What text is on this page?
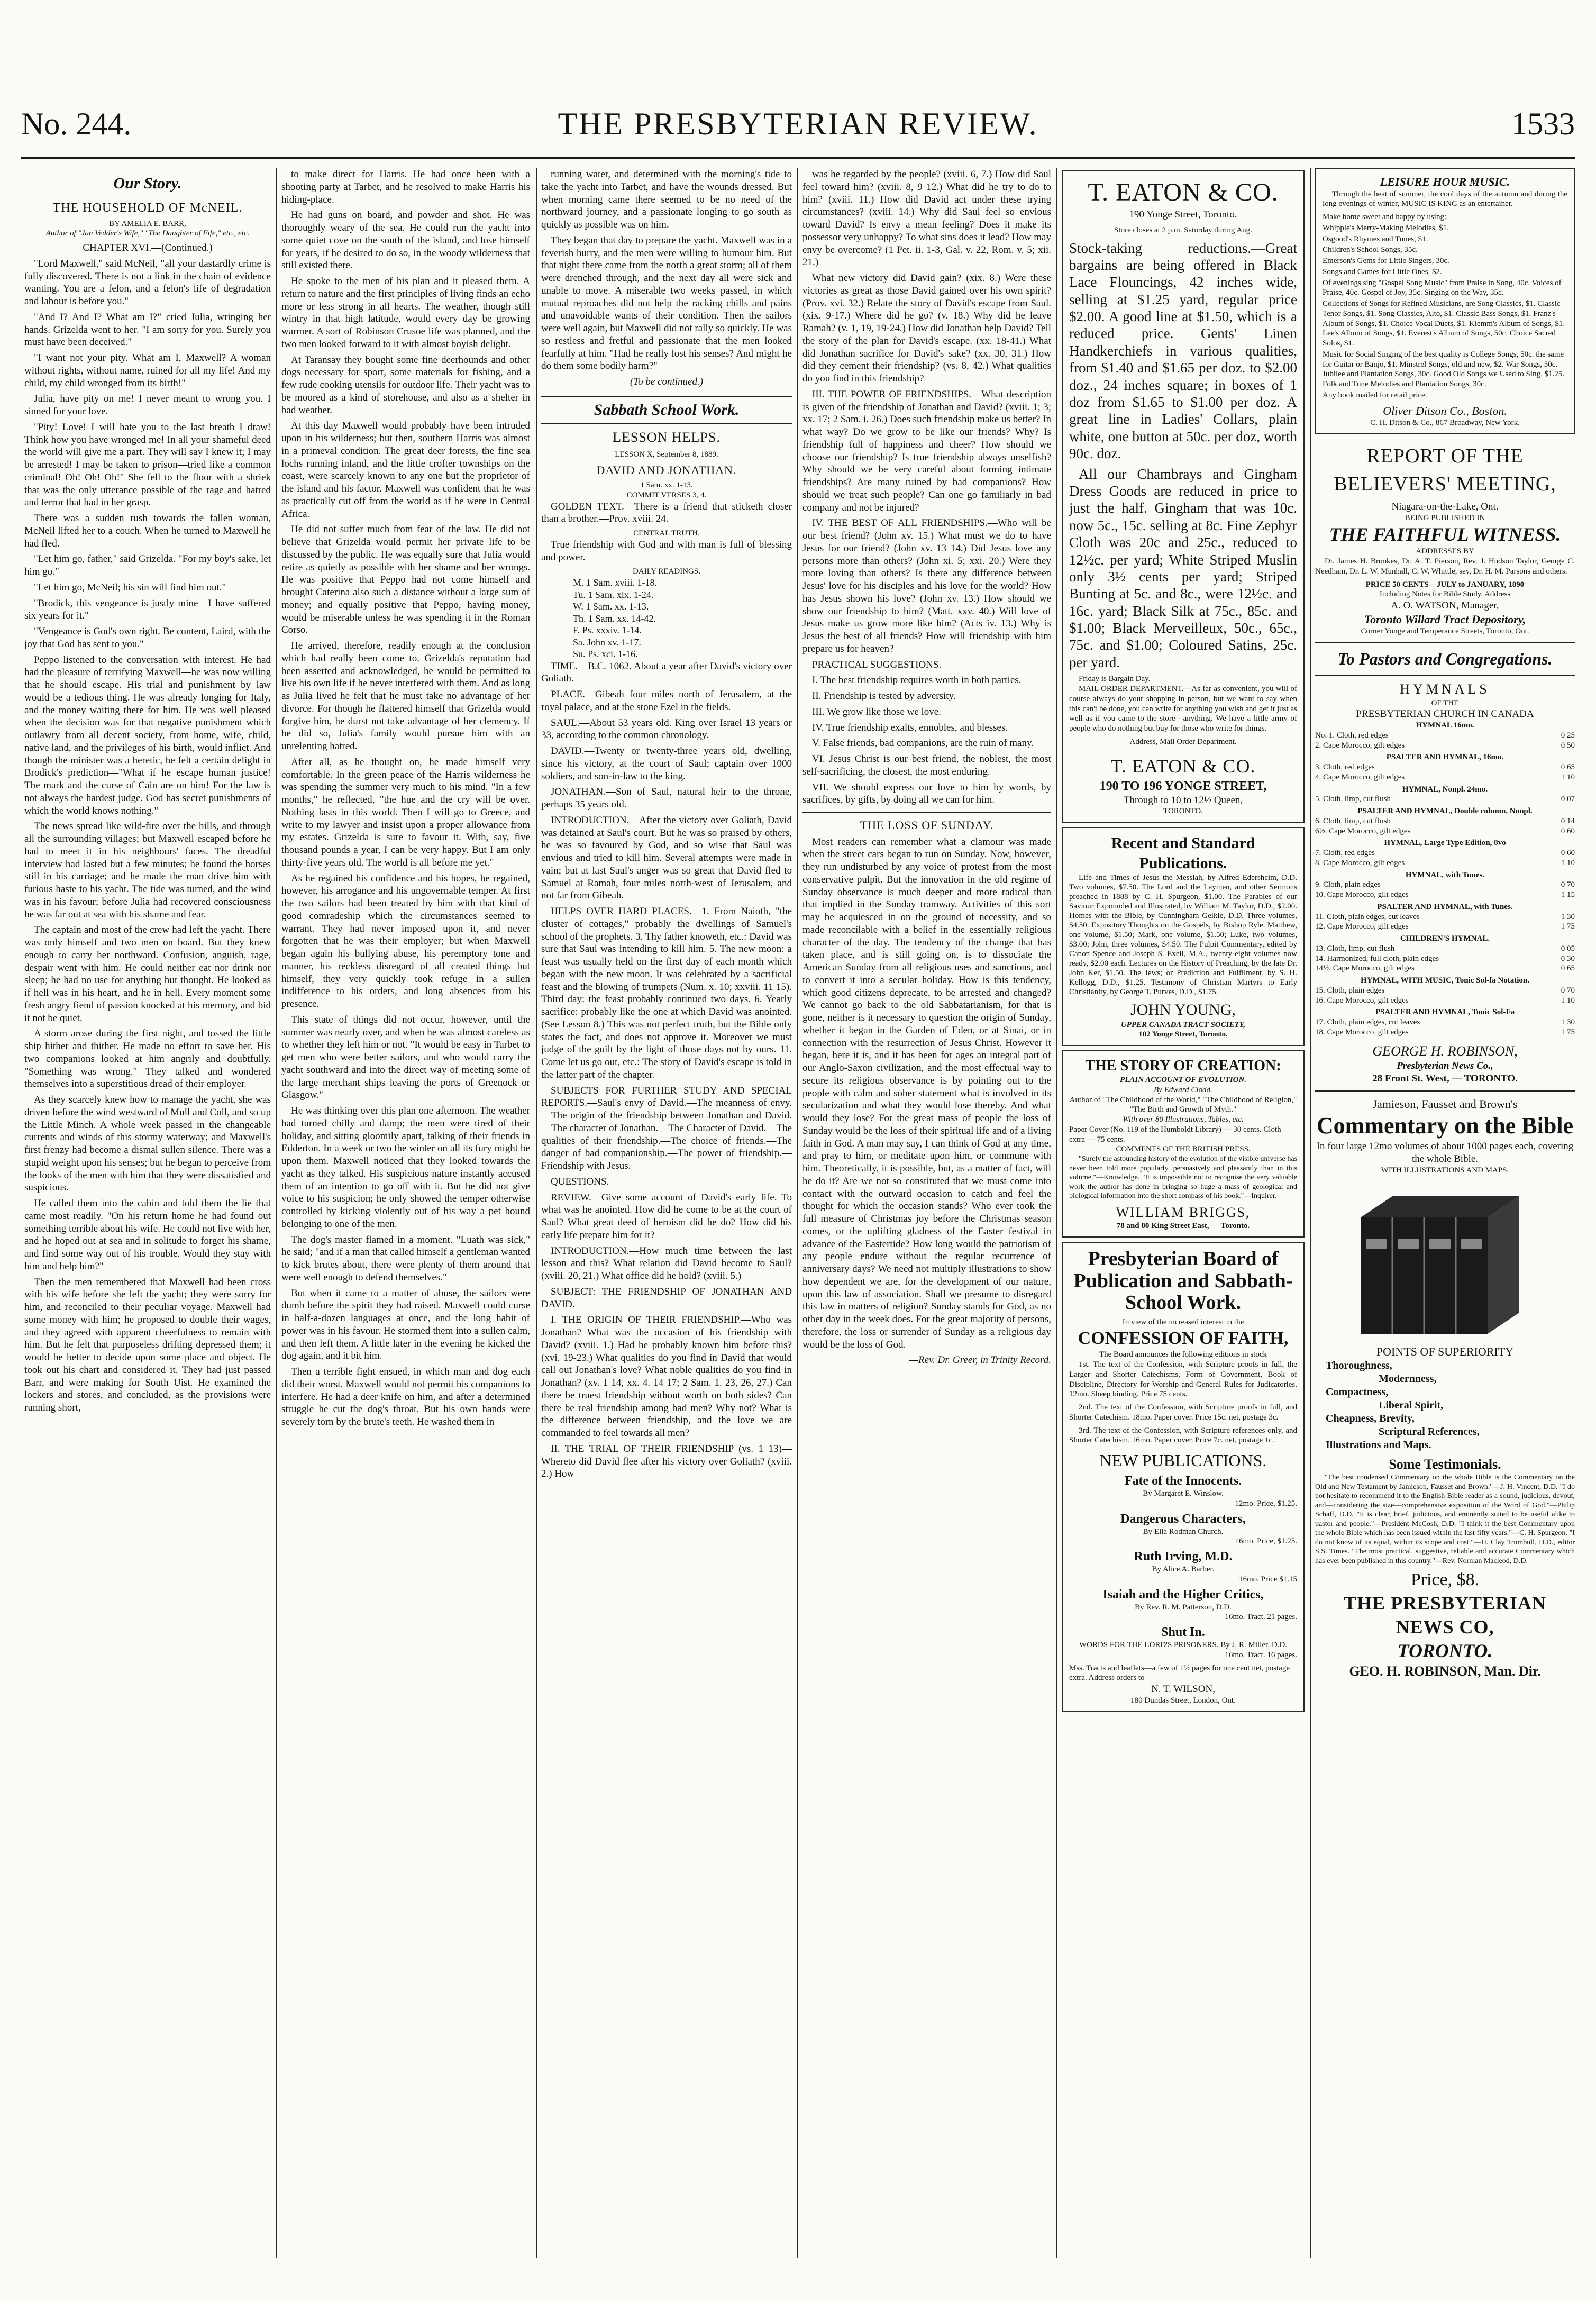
No. 244.	THE PRESBYTERIAN REVIEW.	1533
Our Story.
THE HOUSEHOLD OF McNEIL.
BY AMELIA E. BARR,
Author of "Jan Vedder's Wife," "The Daughter of Fife," etc., etc.
CHAPTER XVI.—(Continued.)

"Lord Maxwell," said McNeil, "all your dastardly crime is fully discovered. There is not a link in the chain of evidence wanting. You are a felon, and a felon's life of degradation and labour is before you."

"And I? And I? What am I?" cried Julia, wringing her hands. Grizelda went to her. "I am sorry for you. Surely you must have been deceived."

"I want not your pity. What am I, Maxwell? A woman without rights, without name, ruined for all my life! And my child, my child wronged from its birth!"

Julia, have pity on me! I never meant to wrong you. I sinned for your love.

"Pity! Love! I will hate you to the last breath I draw! Think how you have wronged me! In all your shameful deed the world will give me a part. They will say I knew it; I may be arrested! I may be taken to prison—tried like a common criminal! Oh! Oh! Oh!" She fell to the floor with a shriek that was the only utterance possible of the rage and hatred and terror that had in her grasp.

There was a sudden rush towards the fallen woman, McNeil lifted her to a couch. When he turned to Maxwell he had fled.

"Let him go, father," said Grizelda. "For my boy's sake, let him go."

"Let him go, McNeil; his sin will find him out."

"Brodick, this vengeance is justly mine—I have suffered six years for it."

"Vengeance is God's own right. Be content, Laird, with the joy that God has sent to you."

Peppo listened to the conversation with interest. He had had the pleasure of terrifying Maxwell—he was now willing that he should escape. His trial and punishment by law would be a tedious thing. He was already longing for Italy, and the money waiting there for him. He was well pleased when the decision was for that negative punishment which outlawry from all decent society, from home, wife, child, native land, and the privileges of his birth, would inflict. And though the minister was a heretic, he felt a certain delight in Brodick's prediction—"What if he escape human justice! The mark and the curse of Cain are on him! For the law is not always the hardest judge. God has secret punishments of which the world knows nothing."

The news spread like wild-fire over the hills, and through all the surrounding villages; but Maxwell escaped before he had to meet it in his neighbours' faces. The dreadful interview had lasted but a few minutes; he found the horses still in his carriage; and he made the man drive him with furious haste to his yacht. The tide was turned, and the wind was in his favour; before Julia had recovered consciousness he was far out at sea with his shame and fear.

The captain and most of the crew had left the yacht. There was only himself and two men on board. But they knew enough to carry her northward. Confusion, anguish, rage, despair went with him. He could neither eat nor drink nor sleep; he had no use for anything but thought. He looked as if hell was in his heart, and he in hell. Every moment some fresh angry fiend of passion knocked at his memory, and bid it not be quiet.

A storm arose during the first night, and tossed the little ship hither and thither. He made no effort to save her. His two companions looked at him angrily and doubtfully. "Something was wrong." They talked and wondered themselves into a superstitious dread of their employer.

As they scarcely knew how to manage the yacht, she was driven before the wind westward of Mull and Coll, and so up the Little Minch. A whole week passed in the changeable currents and winds of this stormy waterway; and Maxwell's first frenzy had become a dismal sullen silence. There was a stupid weight upon his senses; but he began to perceive from the looks of the men with him that they were dissatisfied and suspicious.

He called them into the cabin and told them the lie that came most readily. "On his return home he had found out something terrible about his wife. He could not live with her, and he hoped out at sea and in solitude to forget his shame, and find some way out of his trouble. Would they stay with him and help him?"

Then the men remembered that Maxwell had been cross with his wife before she left the yacht; they were sorry for him, and reconciled to their peculiar voyage. Maxwell had some money with him; he proposed to double their wages, and they agreed with apparent cheerfulness to remain with him. But he felt that purposeless drifting depressed them; it would be better to decide upon some place and object. He took out his chart and considered it. They had just passed Barr, and were making for South Uist. He examined the lockers and stores, and concluded, as the provisions were running short,

to make direct for Harris. He had once been with a shooting party at Tarbet, and he resolved to make Harris his hiding-place.

He had guns on board, and powder and shot. He was thoroughly weary of the sea. He could run the yacht into some quiet cove on the south of the island, and lose himself for years, if he desired to do so, in the woody wilderness that still existed there.

He spoke to the men of his plan and it pleased them. A return to nature and the first principles of living finds an echo more or less strong in all hearts. The weather, though still wintry in that high latitude, would every day be growing warmer. A sort of Robinson Crusoe life was planned, and the two men looked forward to it with almost boyish delight.

At Taransay they bought some fine deerhounds and other dogs necessary for sport, some materials for fishing, and a few rude cooking utensils for outdoor life. Their yacht was to be moored as a kind of storehouse, and also as a shelter in bad weather.

At this day Maxwell would probably have been intruded upon in his wilderness; but then, southern Harris was almost in a primeval condition. The great deer forests, the fine sea lochs running inland, and the little crofter townships on the coast, were scarcely known to any one but the proprietor of the island and his factor. Maxwell was confident that he was as practically cut off from the world as if he were in Central Africa.

He did not suffer much from fear of the law. He did not believe that Grizelda would permit her private life to be discussed by the public. He was equally sure that Julia would retire as quietly as possible with her shame and her wrongs. He was positive that Peppo had not come himself and brought Caterina also such a distance without a large sum of money; and equally positive that Peppo, having money, would be miserable unless he was spending it in the Roman Corso.

He arrived, therefore, readily enough at the conclusion which had really been come to. Grizelda's reputation had been asserted and acknowledged, he would be permitted to live his own life if he never interfered with them. And as long as Julia lived he felt that he must take no advantage of her divorce. For though he flattered himself that Grizelda would forgive him, he durst not take advantage of her clemency. If he did so, Julia's family would pursue him with an unrelenting hatred.

After all, as he thought on, he made himself very comfortable. In the green peace of the Harris wilderness he was spending the summer very much to his mind. "In a few months," he reflected, "the hue and the cry will be over. Nothing lasts in this world. Then I will go to Greece, and write to my lawyer and insist upon a proper allowance from my estates. Grizelda is sure to favour it. With, say, five thousand pounds a year, I can be very happy. But I am only thirty-five years old. The world is all before me yet."

As he regained his confidence and his hopes, he regained, however, his arrogance and his ungovernable temper. At first the two sailors had been treated by him with that kind of good comradeship which the circumstances seemed to warrant. They had never imposed upon it, and never forgotten that he was their employer; but when Maxwell began again his bullying abuse, his peremptory tone and manner, his reckless disregard of all created things but himself, they very quickly took refuge in a sullen indifference to his orders, and long absences from his presence.

This state of things did not occur, however, until the summer was nearly over, and when he was almost careless as to whether they left him or not. "It would be easy in Tarbet to get men who were better sailors, and who would carry the yacht southward and into the direct way of meeting some of the large merchant ships leaving the ports of Greenock or Glasgow."

He was thinking over this plan one afternoon. The weather had turned chilly and damp; the men were tired of their holiday, and sitting gloomily apart, talking of their friends in Edderton. In a week or two the winter on all its fury might be upon them. Maxwell noticed that they looked towards the yacht as they talked. His suspicious nature instantly accused them of an intention to go off with it. But he did not give voice to his suspicion; he only showed the temper otherwise controlled by kicking violently out of his way a pet hound belonging to one of the men.

The dog's master flamed in a moment. "Luath was sick," he said; "and if a man that called himself a gentleman wanted to kick brutes about, there were plenty of them around that were well enough to defend themselves."

But when it came to a matter of abuse, the sailors were dumb before the spirit they had raised. Maxwell could curse in half-a-dozen languages at once, and the long habit of power was in his favour. He stormed them into a sullen calm, and then left them. A little later in the evening he kicked the dog again, and it bit him.

Then a terrible fight ensued, in which man and dog each did their worst. Maxwell would not permit his companions to interfere. He had a deer knife on him, and after a determined struggle he cut the dog's throat. But his own hands were severely torn by the brute's teeth. He washed them in

running water, and determined with the morning's tide to take the yacht into Tarbet, and have the wounds dressed. But when morning came there seemed to be no need of the northward journey, and a passionate longing to go south as quickly as possible was on him.

They began that day to prepare the yacht. Maxwell was in a feverish hurry, and the men were willing to humour him. But that night there came from the north a great storm; all of them were drenched through, and the next day all were sick and unable to move. A miserable two weeks passed, in which mutual reproaches did not help the racking chills and pains and unavoidable wants of their condition. Then the sailors were well again, but Maxwell did not rally so quickly. He was so restless and fretful and passionate that the men looked fearfully at him. "Had he really lost his senses? And might he do them some bodily harm?"

(To be continued.)
Sabbath School Work.
LESSON HELPS.
LESSON X, September 8, 1889.
DAVID AND JONATHAN.
1 Sam. xx. 1-13.
COMMIT VERSES 3, 4.

GOLDEN TEXT.—There is a friend that sticketh closer than a brother.—Prov. xviii. 24.

CENTRAL TRUTH.

True friendship with God and with man is full of blessing and power.

DAILY READINGS.
M. 1 Sam. xviii. 1-18.
Tu. 1 Sam. xix. 1-24.
W. 1 Sam. xx. 1-13.
Th. 1 Sam. xx. 14-42.
F. Ps. xxxiv. 1-14.
Sa. John xv. 1-17.
Su. Ps. xci. 1-16.

TIME.—B.C. 1062. About a year after David's victory over Goliath.

PLACE.—Gibeah four miles north of Jerusalem, at the royal palace, and at the stone Ezel in the fields.

SAUL.—About 53 years old. King over Israel 13 years or 33, according to the common chronology.

DAVID.—Twenty or twenty-three years old, dwelling, since his victory, at the court of Saul; captain over 1000 soldiers, and son-in-law to the king.

JONATHAN.—Son of Saul, natural heir to the throne, perhaps 35 years old.

INTRODUCTION.—After the victory over Goliath, David was detained at Saul's court. But he was so praised by others, he was so favoured by God, and so wise that Saul was envious and tried to kill him. Several attempts were made in vain; but at last Saul's anger was so great that David fled to Samuel at Ramah, four miles north-west of Jerusalem, and not far from Gibeah.

HELPS OVER HARD PLACES.—1. From Naioth, "the cluster of cottages," probably the dwellings of Samuel's school of the prophets. 3. Thy father knoweth, etc.: David was sure that Saul was intending to kill him. 5. The new moon: a feast was usually held on the first day of each month which began with the new moon. It was celebrated by a sacrificial feast and the blowing of trumpets (Num. x. 10; xxviii. 11 15). Third day: the feast probably continued two days. 6. Yearly sacrifice: probably like the one at which David was anointed. (See Lesson 8.) This was not perfect truth, but the Bible only states the fact, and does not approve it. Moreover we must judge of the guilt by the light of those days not by ours. 11. Come let us go out, etc.: The story of David's escape is told in the latter part of the chapter.

SUBJECTS FOR FURTHER STUDY AND SPECIAL REPORTS.—Saul's envy of David.—The meanness of envy.—The origin of the friendship between Jonathan and David.—The character of Jonathan.—The Character of David.—The qualities of their friendship.—The choice of friends.—The danger of bad companionship.—The power of friendship.—Friendship with Jesus.

QUESTIONS.

REVIEW.—Give some account of David's early life. To what was he anointed. How did he come to be at the court of Saul? What great deed of heroism did he do? How did his early life prepare him for it?

INTRODUCTION.—How much time between the last lesson and this? What relation did David become to Saul? (xviii. 20, 21.) What office did he hold? (xviii. 5.)

SUBJECT: THE FRIENDSHIP OF JONATHAN AND DAVID.

I. THE ORIGIN OF THEIR FRIENDSHIP.—Who was Jonathan? What was the occasion of his friendship with David? (xviii. 1.) Had he probably known him before this? (xvi. 19-23.) What qualities do you find in David that would call out Jonathan's love? What noble qualities do you find in Jonathan? (xv. 1 14, xx. 4. 14 17; 2 Sam. 1. 23, 26, 27.) Can there be truest friendship without worth on both sides? Can there be real friendship among bad men? Why not? What is the difference between friendship, and the love we are commanded to feel towards all men?

II. THE TRIAL OF THEIR FRIENDSHIP (vs. 1 13)—Whereto did David flee after his victory over Goliath? (xviii. 2.) How

was he regarded by the people? (xviii. 6, 7.) How did Saul feel toward him? (xviii. 8, 9 12.) What did he try to do to him? (xviii. 11.) How did David act under these trying circumstances? (xviii. 14.) Why did Saul feel so envious toward David? Is envy a mean feeling? Does it make its possessor very unhappy? To what sins does it lead? How may envy be overcome? (1 Pet. ii. 1-3, Gal. v. 22, Rom. v. 5; xii. 21.)

What new victory did David gain? (xix. 8.) Were these victories as great as those David gained over his own spirit? (Prov. xvi. 32.) Relate the story of David's escape from Saul. (xix. 9-17.) Where did he go? (v. 18.) Why did he leave Ramah? (v. 1, 19, 19-24.) How did Jonathan help David? Tell the story of the plan for David's escape. (xx. 18-41.) What did Jonathan sacrifice for David's sake? (xx. 30, 31.) How did they cement their friendship? (vs. 8, 42.) What qualities do you find in this friendship?

III. THE POWER OF FRIENDSHIPS.—What description is given of the friendship of Jonathan and David? (xviii. 1; 3; xx. 17; 2 Sam. i. 26.) Does such friendship make us better? In what way? Do we grow to be like our friends? Why? Is friendship full of happiness and cheer? How should we choose our friendship? Is true friendship always unselfish? Why should we be very careful about forming intimate friendships? Are many ruined by bad companions? How should we treat such people? Can one go familiarly in bad company and not be injured?

IV. THE BEST OF ALL FRIENDSHIPS.—Who will be our best friend? (John xv. 15.) What must we do to have Jesus for our friend? (John xv. 13 14.) Did Jesus love any persons more than others? (John xi. 5; xxi. 20.) Were they more loving than others? Is there any difference between Jesus' love for his disciples and his love for the world? How has Jesus shown his love? (John xv. 13.) How should we show our friendship to him? (Matt. xxv. 40.) Will love of Jesus make us grow more like him? (Acts iv. 13.) Why is Jesus the best of all friends? How will friendship with him prepare us for heaven?

PRACTICAL SUGGESTIONS.

I. The best friendship requires worth in both parties.

II. Friendship is tested by adversity.

III. We grow like those we love.

IV. True friendship exalts, ennobles, and blesses.

V. False friends, bad companions, are the ruin of many.

VI. Jesus Christ is our best friend, the noblest, the most self-sacrificing, the closest, the most enduring.

VII. We should express our love to him by words, by sacrifices, by gifts, by doing all we can for him.

THE LOSS OF SUNDAY.

Most readers can remember what a clamour was made when the street cars began to run on Sunday. Now, however, they run undisturbed by any voice of protest from the most conservative pulpit. But the innovation in the old regime of Sunday observance is much deeper and more radical than that implied in the Sunday tramway. Activities of this sort may be acquiesced in on the ground of necessity, and so made reconcilable with a belief in the essentially religious character of the day. The tendency of the change that has taken place, and is still going on, is to dissociate the American Sunday from all religious uses and sanctions, and to convert it into a secular holiday. How is this tendency, which good citizens deprecate, to be arrested and changed? We cannot go back to the old Sabbatarianism, for that is gone, neither is it necessary to question the origin of Sunday, whether it began in the Garden of Eden, or at Sinai, or in connection with the resurrection of Jesus Christ. However it began, here it is, and it has been for ages an integral part of our Anglo-Saxon civilization, and the most effectual way to secure its religious observance is by pointing out to the people with calm and sober statement what is involved in its secularization and what they would lose thereby. And what would they lose? For the great mass of people the loss of Sunday would be the loss of their spiritual life and of a living faith in God. A man may say, I can think of God at any time, and pray to him, or meditate upon him, or commune with him. Theoretically, it is possible, but, as a matter of fact, will he do it? Are we not so constituted that we must come into contact with the outward occasion to catch and feel the thought for which the occasion stands? Who ever took the full measure of Christmas joy before the Christmas season comes, or the uplifting gladness of the Easter festival in advance of the Eastertide? How long would the patriotism of any people endure without the regular recurrence of anniversary days? We need not multiply illustrations to show how dependent we are, for the development of our nature, upon this law of association. Shall we presume to disregard this law in matters of religion? Sunday stands for God, as no other day in the week does. For the great majority of persons, therefore, the loss or surrender of Sunday as a religious day would be the loss of God.

—Rev. Dr. Greer, in Trinity Record.
T. EATON & CO.
190 Yonge Street, Toronto.
Store closes at 2 p.m. Saturday during Aug.

Stock-taking reductions.—Great bargains are being offered in Black Lace Flouncings, 42 inches wide, selling at $1.25 yard, regular price $2.00. A good line at $1.50, which is a reduced price. Gents' Linen Handkerchiefs in various qualities, from $1.40 and $1.65 per doz. to $2.00 doz., 24 inches square; in boxes of 1 doz from $1.65 to $1.00 per doz. A great line in Ladies' Collars, plain white, one button at 50c. per doz, worth 90c. doz.

All our Chambrays and Gingham Dress Goods are reduced in price to just the half. Gingham that was 10c. now 5c., 15c. selling at 8c. Fine Zephyr Cloth was 20c and 25c., reduced to 12½c. per yard; White Striped Muslin only 3½ cents per yard; Striped Bunting at 5c. and 8c., were 12½c. and 16c. yard; Black Silk at 75c., 85c. and $1.00; Black Merveilleux, 50c., 65c., 75c. and $1.00; Coloured Satins, 25c. per yard.

Friday is Bargain Day.

MAIL ORDER DEPARTMENT.—As far as convenient, you will of course always do your shopping in person, but we want to say when this can't be done, you can write for anything you wish and get it just as well as if you came to the store—anything. We have a little army of people who do nothing but buy for those who write for things.

Address, Mail Order Department.
T. EATON & CO.
190 TO 196 YONGE STREET,
Through to 10 to 12½ Queen,
TORONTO.
Recent and Standard Publications.

Life and Times of Jesus the Messiah, by Alfred Edersheim, D.D. Two volumes, $7.50. The Lord and the Laymen, and other Sermons preached in 1888 by C. H. Spurgeon, $1.00. The Parables of our Saviour Expounded and Illustrated, by William M. Taylor, D.D., $2.00. Homes with the Bible, by Cunningham Geikie, D.D. Three volumes, $4.50. Expository Thoughts on the Gospels, by Bishop Ryle. Matthew, one volume, $1.50; Mark, one volume, $1.50; Luke, two volumes, $3.00; John, three volumes, $4.50. The Pulpit Commentary, edited by Canon Spence and Joseph S. Exell, M.A., twenty-eight volumes now ready, $2.00 each. Lectures on the History of Preaching, by the late Dr. John Ker, $1.50. The Jews; or Prediction and Fulfilment, by S. H. Kellogg, D.D., $1.25. Testimony of Christian Martyrs to Early Christianity, by George T. Purves, D.D., $1.75.

JOHN YOUNG,
UPPER CANADA TRACT SOCIETY,
102 Yonge Street, Toronto.
THE STORY OF CREATION:
PLAIN ACCOUNT OF EVOLUTION.
By Edward Clodd.
Author of "The Childhood of the World," "The Childhood of Religion," "The Birth and Growth of Myth."
With over 80 Illustrations, Tables, etc.
Paper Cover (No. 119 of the Humboldt Library) — 30 cents. Cloth extra — 75 cents.
COMMENTS OF THE BRITISH PRESS.

"Surely the astounding history of the evolution of the visible universe has never been told more popularly, persuasively and pleasantly than in this volume."—Knowledge. "It is impossible not to recognise the very valuable work the author has done in bringing so huge a mass of geological and biological information into the short compass of his book."—Inquirer.

WILLIAM BRIGGS,
78 and 80 King Street East, — Toronto.
Presbyterian Board of Publication and Sabbath-School Work.
In view of the increased interest in the
CONFESSION OF FAITH,
The Board announces the following editions in stock

1st. The text of the Confession, with Scripture proofs in full, the Larger and Shorter Catechisms, Form of Government, Book of Discipline, Directory for Worship and General Rules for Judicatories. 12mo. Sheep binding. Price 75 cents.

2nd. The text of the Confession, with Scripture proofs in full, and Shorter Catechism. 18mo. Paper cover. Price 15c. net, postage 3c.

3rd. The text of the Confession, with Scripture references only, and Shorter Catechism. 16mo. Paper cover. Price 7c. net, postage 1c.

NEW PUBLICATIONS.
Fate of the Innocents.
By Margaret E. Winslow.
12mo. Price, $1.25.
Dangerous Characters,
By Ella Rodman Church.
16mo. Price, $1.25.
Ruth Irving, M.D.
By Alice A. Barber.
16mo. Price $1.15
Isaiah and the Higher Critics,
By Rev. R. M. Patterson, D.D.
16mo. Tract. 21 pages.
Shut In.
WORDS FOR THE LORD'S PRISONERS. By J. R. Miller, D.D.
16mo. Tract. 16 pages.
Mss. Tracts and leaflets—a few of 1½ pages for one cent net, postage extra. Address orders to
N. T. WILSON,
180 Dundas Street, London, Ont.
LEISURE HOUR MUSIC.

Through the heat of summer, the cool days of the autumn and during the long evenings of winter, MUSIC IS KING as an entertainer.

Make home sweet and happy by using:
Whipple's Merry-Making Melodies, $1.
Osgood's Rhymes and Tunes, $1.
Children's School Songs, 35c.
Emerson's Gems for Little Singers, 30c.
Songs and Games for Little Ones, $2.
Of evenings sing "Gospel Song Music" from Praise in Song, 40c. Voices of Praise, 40c. Gospel of Joy, 35c. Singing on the Way, 35c.
Collections of Songs for Refined Musicians, are Song Classics, $1. Classic Tenor Songs, $1. Song Classics, Alto, $1. Classic Bass Songs, $1. Franz's Album of Songs, $1. Choice Vocal Duets, $1. Klemm's Album of Songs, $1. Lee's Album of Songs, $1. Everest's Album of Songs, 50c. Choice Sacred Solos, $1.
Music for Social Singing of the best quality is College Songs, 50c. the same for Guitar or Banjo, $1. Minstrel Songs, old and new, $2. War Songs, 50c. Jubilee and Plantation Songs, 30c. Good Old Songs we Used to Sing, $1.25. Folk and Tune Melodies and Plantation Songs, 30c.
Any book mailed for retail price.
Oliver Ditson Co., Boston.
C. H. Ditson & Co., 867 Broadway, New York.
REPORT OF THE
BELIEVERS' MEETING,
Niagara-on-the-Lake, Ont.
BEING PUBLISHED IN
THE FAITHFUL WITNESS.
ADDRESSES BY

Dr. James H. Brookes, Dr. A. T. Pierson, Rev. J. Hudson Taylor, George C. Needham, Dr. L. W. Munhall, C. W. Whittle, sey, Dr. H. M. Parsons and others.

PRICE 50 CENTS—JULY to JANUARY, 1890
Including Notes for Bible Study. Address
A. O. WATSON, Manager,
Toronto Willard Tract Depository,
Corner Yonge and Temperance Streets, Toronto, Ont.
To Pastors and Congregations.
HYMNALS
OF THE
PRESBYTERIAN CHURCH IN CANADA
HYMNAL 16mo.
No. 1. Cloth, red edges	0 25
2. Cape Morocco, gilt edges	0 50
PSALTER AND HYMNAL, 16mo.
3. Cloth, red edges	0 65
4. Cape Morocco, gilt edges	1 10
HYMNAL, Nonpl. 24mo.
5. Cloth, limp, cut flush	0 07
PSALTER AND HYMNAL, Double column, Nonpl.
6. Cloth, limp, cut flush	0 14
6½. Cape Morocco, gilt edges	0 60
HYMNAL, Large Type Edition, 8vo
7. Cloth, red edges	0 60
8. Cape Morocco, gilt edges	1 10
HYMNAL, with Tunes.
9. Cloth, plain edges	0 70
10. Cape Morocco, gilt edges	1 15
PSALTER AND HYMNAL, with Tunes.
11. Cloth, plain edges, cut leaves	1 30
12. Cape Morocco, gilt edges	1 75
CHILDREN'S HYMNAL.
13. Cloth, limp, cut flush	0 05
14. Harmonized, full cloth, plain edges	0 30
14½. Cape Morocco, gilt edges	0 65
HYMNAL, WITH MUSIC, Tonic Sol-fa Notation.
15. Cloth, plain edges	0 70
16. Cape Morocco, gilt edges	1 10
PSALTER AND HYMNAL, Tonic Sol-Fa
17. Cloth, plain edges, cut leaves	1 30
18. Cape Morocco, gilt edges	1 75
GEORGE H. ROBINSON,
Presbyterian News Co.,
28 Front St. West, — TORONTO.
Jamieson, Fausset and Brown's
Commentary on the Bible
In four large 12mo volumes of about 1000 pages each, covering the whole Bible.
WITH ILLUSTRATIONS AND MAPS.
POINTS OF SUPERIORITY
Thoroughness,
Modernness,
Compactness,
Liberal Spirit,
Cheapness, Brevity,
Scriptural References,
Illustrations and Maps.
Some Testimonials.

"The best condensed Commentary on the whole Bible is the Commentary on the Old and New Testament by Jamieson, Fausset and Brown."—J. H. Vincent, D.D. "I do not hesitate to recommend it to the English Bible reader as a sound, judicious, devout, and—considering the size—comprehensive exposition of the Word of God."—Philip Schaff, D.D. "It is clear, brief, judicious, and eminently suited to be useful alike to pastor and people."—President McCosh, D.D. "I think it the best Commentary upon the whole Bible which has been issued within the last fifty years."—C. H. Spurgeon. "I do not know of its equal, within its scope and cost."—H. Clay Trumbull, D.D., editor S.S. Times. "The most practical, suggestive, reliable and accurate Commentary which has ever been published in this country."—Rev. Norman Macleod, D.D.

Price, $8.
THE PRESBYTERIAN NEWS CO,
TORONTO.
GEO. H. ROBINSON, Man. Dir.
